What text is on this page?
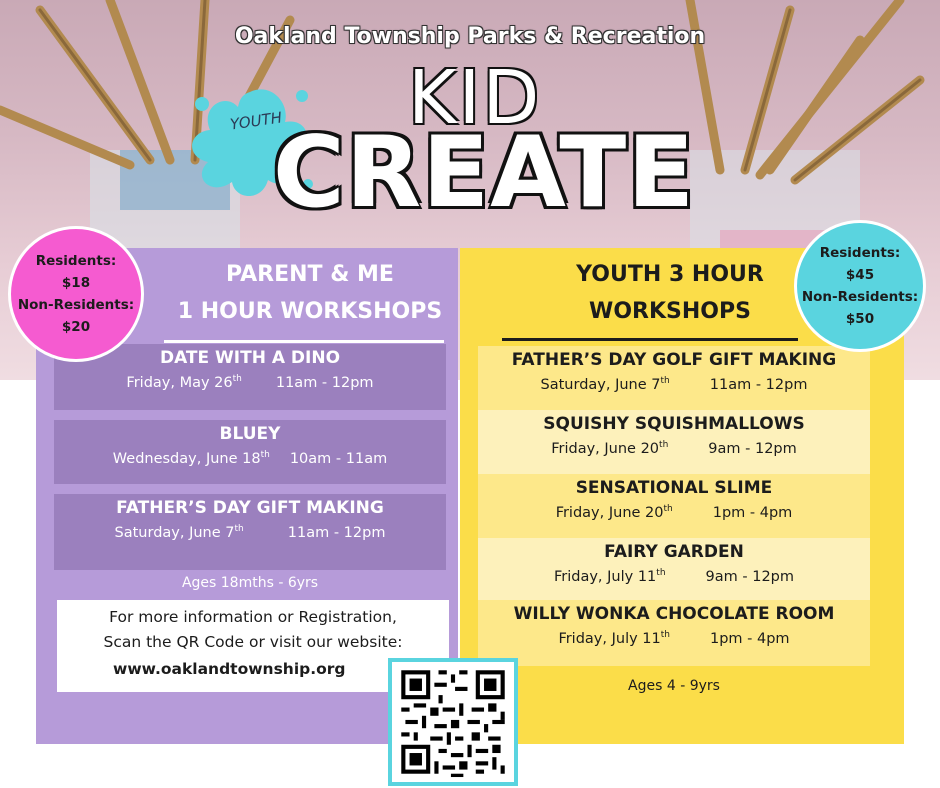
Oakland Township Parks & Recreation
YOUTH KID
CREATE
PARENT & ME
1 HOUR WORKSHOPS
DATE WITH A DINO
Friday, May 26th 11am - 12pm
BLUEY
Wednesday, June 18th 10am - 11am
FATHER’S DAY GIFT MAKING
Saturday, June 7th	11am - 12pm
Ages 18mths - 6yrs
For more information or Registration,
Scan the QR Code or visit our website:
www.oaklandtownship.org
YOUTH 3 HOUR
WORKSHOPS
FATHER’S DAY GOLF GIFT MAKING
Saturday, June 7th	11am - 12pm
SQUISHY SQUISHMALLOWS
Friday, June 20th	9am - 12pm
SENSATIONAL SLIME
Friday, June 20th	1pm - 4pm
FAIRY GARDEN
Friday, July 11th	9am - 12pm
WILLY WONKA CHOCOLATE ROOM
Friday, July 11th	1pm - 4pm
Ages 4 - 9yrs
Residents:
$18
Non-Residents:
$20
Residents:
$45
Non-Residents:
$50
